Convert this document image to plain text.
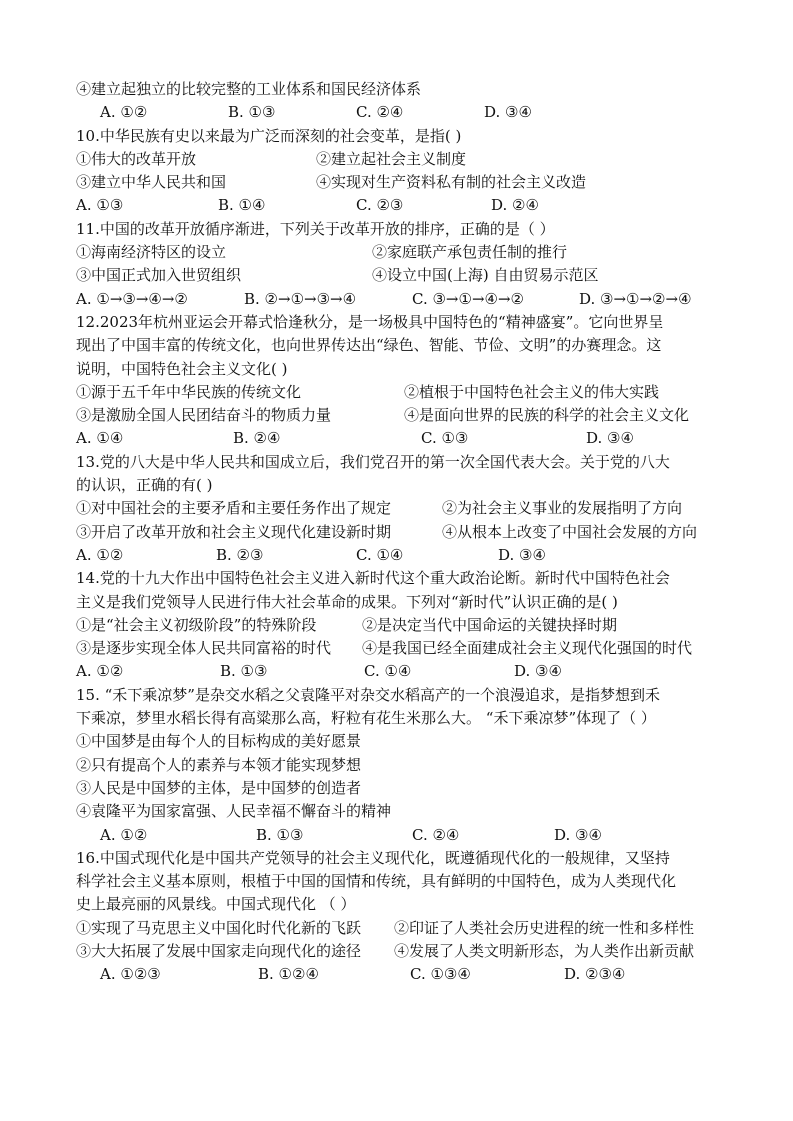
④建立起独立的比较完整的工业体系和国民经济体系
A. ①②	B. ①③	C. ②④	D. ③④
10.中华民族有史以来最为广泛而深刻的社会变革，是指( )
①伟大的改革开放	②建立起社会主义制度
③建立中华人民共和国	④实现对生产资料私有制的社会主义改造
A. ①③	B. ①④	C. ②③	D. ②④
11.中国的改革开放循序渐进，下列关于改革开放的排序，正确的是（ ）
①海南经济特区的设立	②家庭联产承包责任制的推行
③中国正式加入世贸组织	④设立中国(上海) 自由贸易示范区
A. ①→③→④→②	B. ②→①→③→④	C. ③→①→④→②	D. ③→①→②→④
12.2023年杭州亚运会开幕式恰逢秋分，是一场极具中国特色的“精神盛宴”。它向世界呈
现出了中国丰富的传统文化，也向世界传达出“绿色、智能、节俭、文明”的办赛理念。这
说明，中国特色社会主义文化( )
①源于五千年中华民族的传统文化	②植根于中国特色社会主义的伟大实践
③是激励全国人民团结奋斗的物质力量	④是面向世界的民族的科学的社会主义文化
A. ①④	B. ②④	C. ①③	D. ③④
13.党的八大是中华人民共和国成立后，我们党召开的第一次全国代表大会。关于党的八大
的认识，正确的有( )
①对中国社会的主要矛盾和主要任务作出了规定	②为社会主义事业的发展指明了方向
③开启了改革开放和社会主义现代化建设新时期	④从根本上改变了中国社会发展的方向
A. ①②	B. ②③	C. ①④	D. ③④
14.党的十九大作出中国特色社会主义进入新时代这个重大政治论断。新时代中国特色社会
主义是我们党领导人民进行伟大社会革命的成果。下列对“新时代”认识正确的是( )
①是“社会主义初级阶段”的特殊阶段	②是决定当代中国命运的关键抉择时期
③是逐步实现全体人民共同富裕的时代 ④是我国已经全面建成社会主义现代化强国的时代
A. ①②	B. ①③	C. ①④	D. ③④
15. “禾下乘凉梦”是杂交水稻之父袁隆平对杂交水稻高产的一个浪漫追求，是指梦想到禾
下乘凉，梦里水稻长得有高粱那么高，籽粒有花生米那么大。 “禾下乘凉梦”体现了（ ）
①中国梦是由每个人的目标构成的美好愿景
②只有提高个人的素养与本领才能实现梦想
③人民是中国梦的主体，是中国梦的创造者
④袁隆平为国家富强、人民幸福不懈奋斗的精神
A. ①②	B. ①③	C. ②④	D. ③④
16.中国式现代化是中国共产党领导的社会主义现代化，既遵循现代化的一般规律，又坚持
科学社会主义基本原则，根植于中国的国情和传统，具有鲜明的中国特色，成为人类现代化
史上最亮丽的风景线。中国式现代化 （ ）
①实现了马克思主义中国化时代化新的飞跃 ②印证了人类社会历史进程的统一性和多样性
③大大拓展了发展中国家走向现代化的途径 ④发展了人类文明新形态，为人类作出新贡献
A. ①②③	B. ①②④	C. ①③④	D. ②③④
